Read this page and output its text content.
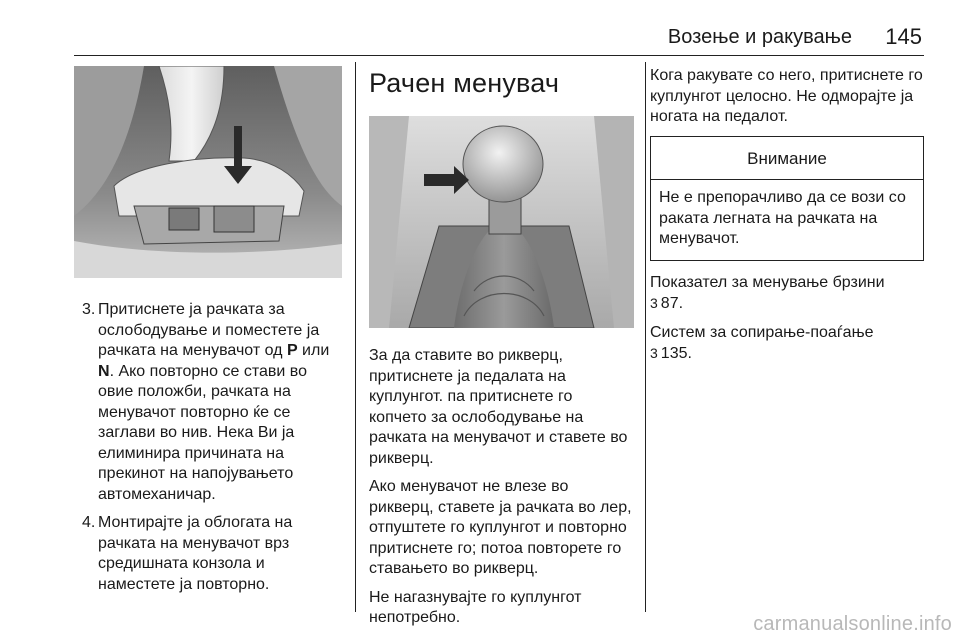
Возење и ракување 145
3. Притиснете ја рачката за ослободување и поместете ја рачката на менувачот од P или N. Ако повторно се стави во овие положби, рачката на менувачот повторно ќе се заглави во нив. Нека Ви ја елиминира причината на прекинот на напојувањето автомеханичар.
4. Монтирајте ја облогата на рачката на менувачот врз средишната конзола и наместете ја повторно.
Рачен менувач

За да ставите во рикверц, притиснете ја педалата на куплунгот. па притиснете го копчето за ослободување на рачката на менувачот и ставете во рикверц.

Ако менувачот не влезе во рикверц, ставете ја рачката во лер, отпуштете го куплунгот и повторно притиснете го; потоа повторете го ставањето во рикверц.

Не нагазнувајте го куплунгот непотребно.

Кога ракувате со него, притиснете го куплунгот целосно. Не одморајте ја ногата на педалот.

Внимание
Не е препорачливо да се вози со раката легната на рачката на менувачот.

Показател за менување брзини
3 87.

Систем за сопирање-поаѓање
3 135.

carmanualsonline.info
